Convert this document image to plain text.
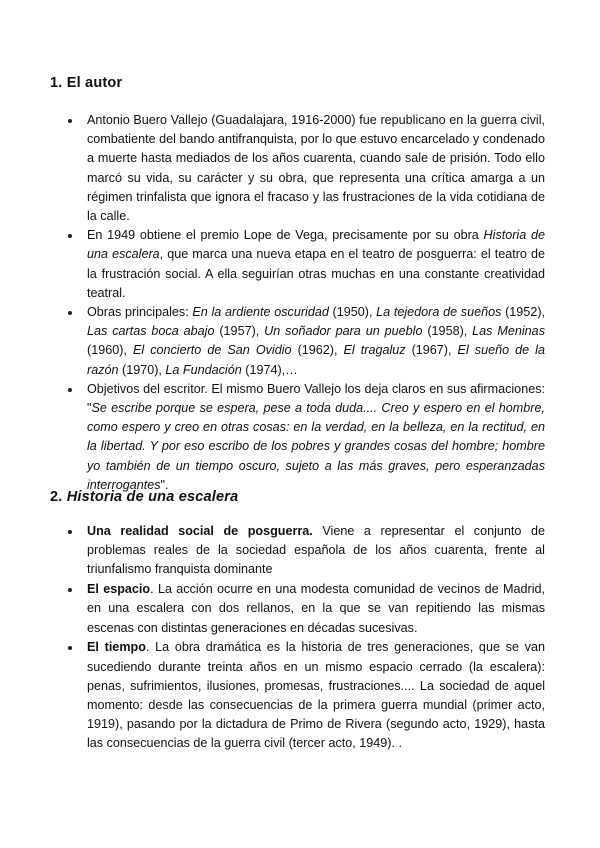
1. El autor
Antonio Buero Vallejo (Guadalajara, 1916-2000) fue republicano en la guerra civil, combatiente del bando antifranquista, por lo que estuvo encarcelado y condenado a muerte hasta mediados de los años cuarenta, cuando sale de prisión. Todo ello marcó su vida, su carácter y su obra, que representa una crítica amarga a un régimen trinfalista que ignora el fracaso y las frustraciones de la vida cotidiana de la calle.
En 1949 obtiene el premio Lope de Vega, precisamente por su obra Historia de una escalera, que marca una nueva etapa en el teatro de posguerra: el teatro de la frustración social. A ella seguirían otras muchas en una constante creatividad teatral.
Obras principales: En la ardiente oscuridad (1950), La tejedora de sueños (1952), Las cartas boca abajo (1957), Un soñador para un pueblo (1958), Las Meninas (1960), El concierto de San Ovidio (1962), El tragaluz (1967), El sueño de la razón (1970), La Fundación (1974),…
Objetivos del escritor. El mismo Buero Vallejo los deja claros en sus afirmaciones: "Se escribe porque se espera, pese a toda duda.... Creo y espero en el hombre, como espero y creo en otras cosas: en la verdad, en la belleza, en la rectitud, en la libertad. Y por eso escribo de los pobres y grandes cosas del hombre; hombre yo también de un tiempo oscuro, sujeto a las más graves, pero esperanzadas interrogantes".
2. Historia de una escalera
Una realidad social de posguerra. Viene a representar el conjunto de problemas reales de la sociedad española de los años cuarenta, frente al triunfalismo franquista dominante
El espacio. La acción ocurre en una modesta comunidad de vecinos de Madrid, en una escalera con dos rellanos, en la que se van repitiendo las mismas escenas con distintas generaciones en décadas sucesivas.
El tiempo. La obra dramática es la historia de tres generaciones, que se van sucediendo durante treinta años en un mismo espacio cerrado (la escalera): penas, sufrimientos, ilusiones, promesas, frustraciones.... La sociedad de aquel momento: desde las consecuencias de la primera guerra mundial (primer acto, 1919), pasando por la dictadura de Primo de Rivera (segundo acto, 1929), hasta las consecuencias de la guerra civil (tercer acto, 1949). .
